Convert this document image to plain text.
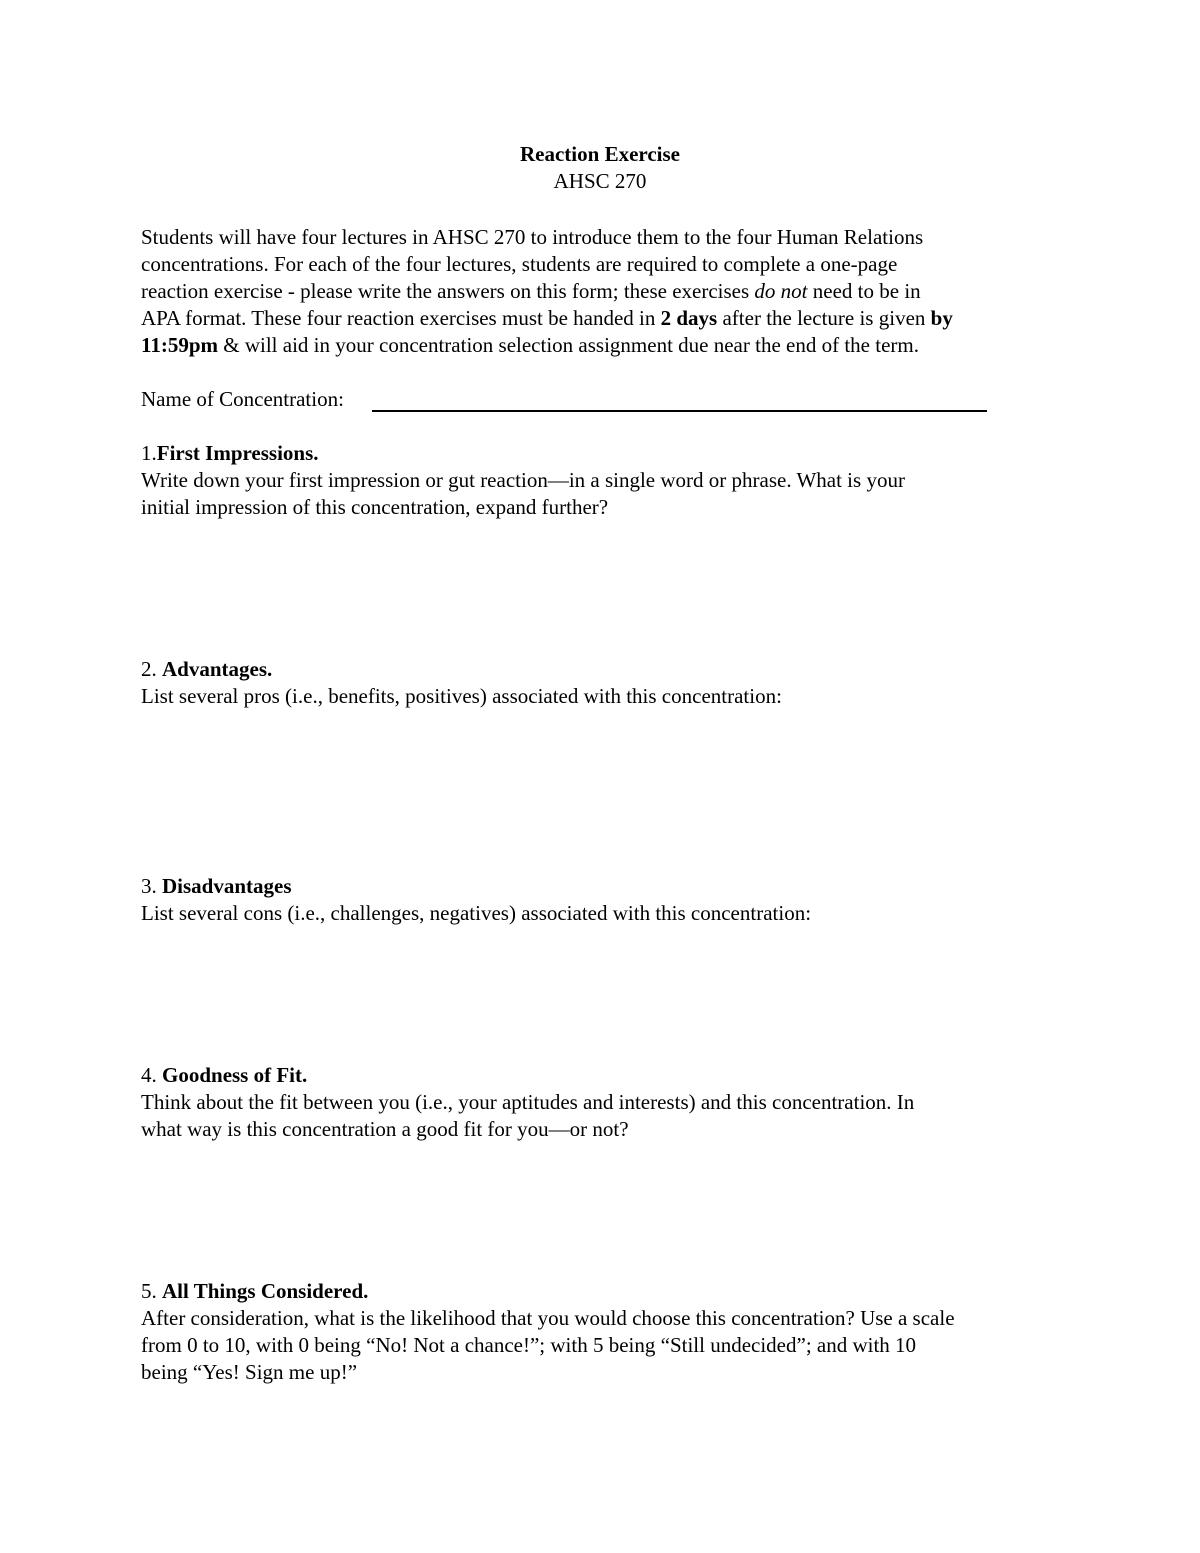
Reaction Exercise
AHSC 270
Students will have four lectures in AHSC 270 to introduce them to the four Human Relations
concentrations. For each of the four lectures, students are required to complete a one-page
reaction exercise - please write the answers on this form; these exercises do not need to be in
APA format. These four reaction exercises must be handed in 2 days after the lecture is given by
11:59pm & will aid in your concentration selection assignment due near the end of the term.
Name of Concentration:
1.First Impressions.
Write down your first impression or gut reaction—in a single word or phrase. What is your
initial impression of this concentration, expand further?
2. Advantages.
List several pros (i.e., benefits, positives) associated with this concentration:
3. Disadvantages
List several cons (i.e., challenges, negatives) associated with this concentration:
4. Goodness of Fit.
Think about the fit between you (i.e., your aptitudes and interests) and this concentration. In
what way is this concentration a good fit for you—or not?
5. All Things Considered.
After consideration, what is the likelihood that you would choose this concentration? Use a scale
from 0 to 10, with 0 being “No! Not a chance!”; with 5 being “Still undecided”; and with 10
being “Yes! Sign me up!”
